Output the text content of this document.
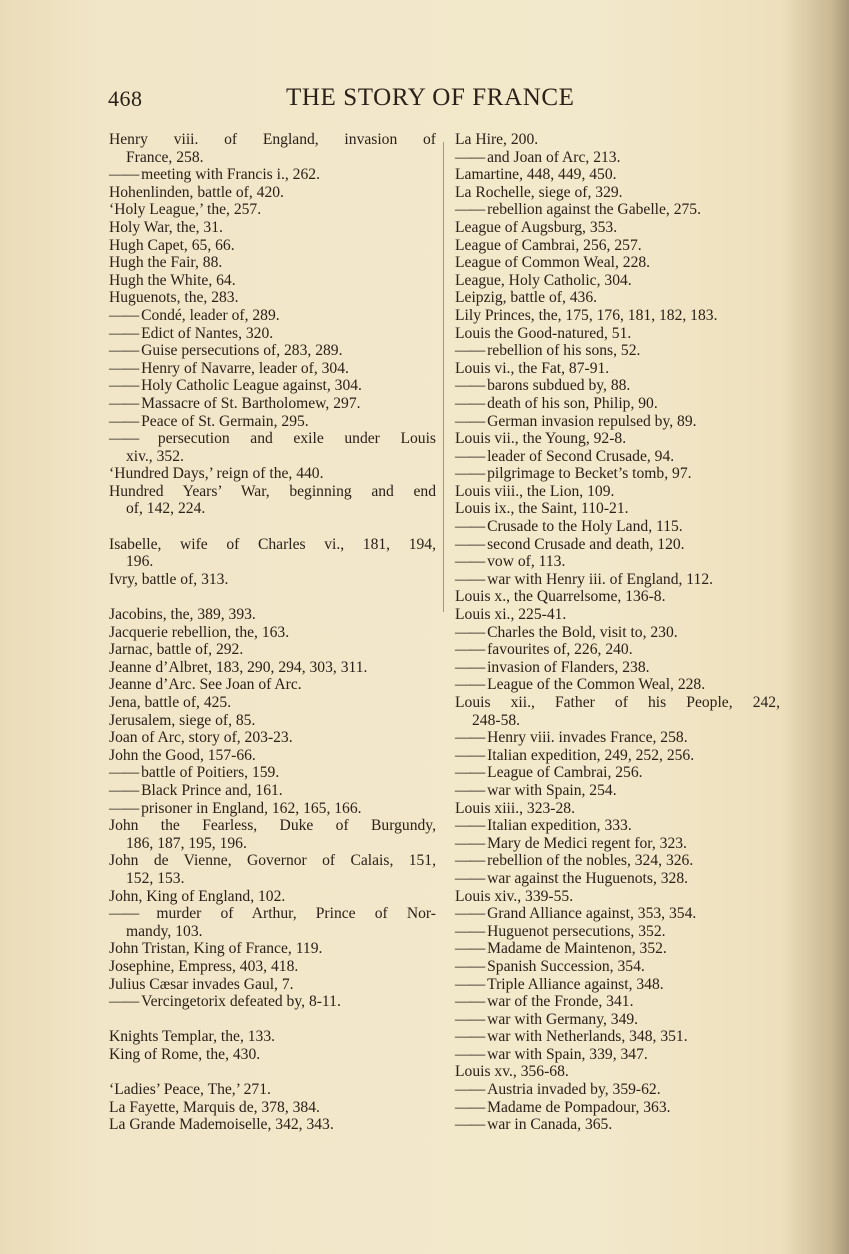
468	THE STORY OF FRANCE
Henry viii. of England, invasion of
France, 258.
—— meeting with Francis i., 262.
Hohenlinden, battle of, 420.
‘Holy League,’ the, 257.
Holy War, the, 31.
Hugh Capet, 65, 66.
Hugh the Fair, 88.
Hugh the White, 64.
Huguenots, the, 283.
—— Condé, leader of, 289.
—— Edict of Nantes, 320.
—— Guise persecutions of, 283, 289.
—— Henry of Navarre, leader of, 304.
—— Holy Catholic League against, 304.
—— Massacre of St. Bartholomew, 297.
—— Peace of St. Germain, 295.
—— persecution and exile under Louis
xiv., 352.
‘Hundred Days,’ reign of the, 440.
Hundred Years’ War, beginning and end
of, 142, 224.
Isabelle, wife of Charles vi., 181, 194,
196.
Ivry, battle of, 313.
Jacobins, the, 389, 393.
Jacquerie rebellion, the, 163.
Jarnac, battle of, 292.
Jeanne d’Albret, 183, 290, 294, 303, 311.
Jeanne d’Arc. See Joan of Arc.
Jena, battle of, 425.
Jerusalem, siege of, 85.
Joan of Arc, story of, 203-23.
John the Good, 157-66.
—— battle of Poitiers, 159.
—— Black Prince and, 161.
—— prisoner in England, 162, 165, 166.
John the Fearless, Duke of Burgundy,
186, 187, 195, 196.
John de Vienne, Governor of Calais, 151,
152, 153.
John, King of England, 102.
—— murder of Arthur, Prince of Nor-
mandy, 103.
John Tristan, King of France, 119.
Josephine, Empress, 403, 418.
Julius Cæsar invades Gaul, 7.
—— Vercingetorix defeated by, 8-11.
Knights Templar, the, 133.
King of Rome, the, 430.
‘Ladies’ Peace, The,’ 271.
La Fayette, Marquis de, 378, 384.
La Grande Mademoiselle, 342, 343.
La Hire, 200.
—— and Joan of Arc, 213.
Lamartine, 448, 449, 450.
La Rochelle, siege of, 329.
—— rebellion against the Gabelle, 275.
League of Augsburg, 353.
League of Cambrai, 256, 257.
League of Common Weal, 228.
League, Holy Catholic, 304.
Leipzig, battle of, 436.
Lily Princes, the, 175, 176, 181, 182, 183.
Louis the Good-natured, 51.
—— rebellion of his sons, 52.
Louis vi., the Fat, 87-91.
—— barons subdued by, 88.
—— death of his son, Philip, 90.
—— German invasion repulsed by, 89.
Louis vii., the Young, 92-8.
—— leader of Second Crusade, 94.
—— pilgrimage to Becket’s tomb, 97.
Louis viii., the Lion, 109.
Louis ix., the Saint, 110-21.
—— Crusade to the Holy Land, 115.
—— second Crusade and death, 120.
—— vow of, 113.
—— war with Henry iii. of England, 112.
Louis x., the Quarrelsome, 136-8.
Louis xi., 225-41.
—— Charles the Bold, visit to, 230.
—— favourites of, 226, 240.
—— invasion of Flanders, 238.
—— League of the Common Weal, 228.
Louis xii., Father of his People, 242,
248-58.
—— Henry viii. invades France, 258.
—— Italian expedition, 249, 252, 256.
—— League of Cambrai, 256.
—— war with Spain, 254.
Louis xiii., 323-28.
—— Italian expedition, 333.
—— Mary de Medici regent for, 323.
—— rebellion of the nobles, 324, 326.
—— war against the Huguenots, 328.
Louis xiv., 339-55.
—— Grand Alliance against, 353, 354.
—— Huguenot persecutions, 352.
—— Madame de Maintenon, 352.
—— Spanish Succession, 354.
—— Triple Alliance against, 348.
—— war of the Fronde, 341.
—— war with Germany, 349.
—— war with Netherlands, 348, 351.
—— war with Spain, 339, 347.
Louis xv., 356-68.
—— Austria invaded by, 359-62.
—— Madame de Pompadour, 363.
—— war in Canada, 365.
